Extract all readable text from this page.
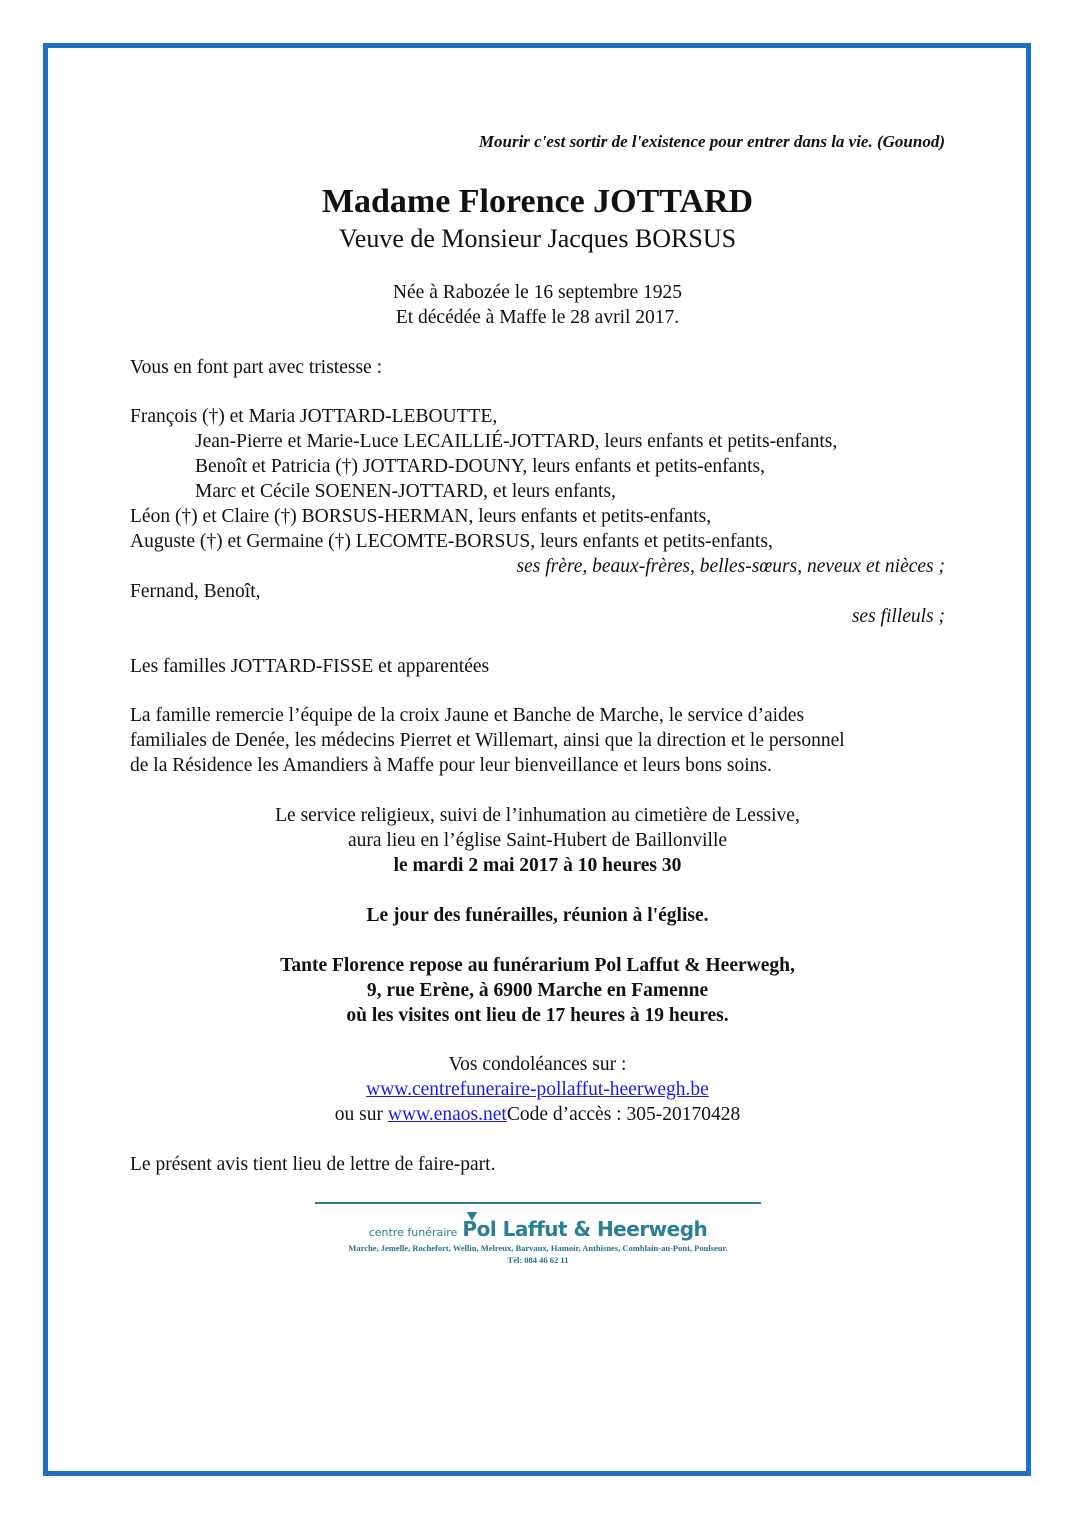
Mourir c'est sortir de l'existence pour entrer dans la vie. (Gounod)
Madame Florence JOTTARD
Veuve de Monsieur Jacques BORSUS
Née à Rabozée le 16 septembre 1925
Et décédée à Maffe le 28 avril 2017.
Vous en font part avec tristesse :
François (†) et Maria JOTTARD-LEBOUTTE,
Jean-Pierre et Marie-Luce LECAILLIÉ-JOTTARD, leurs enfants et petits-enfants,
Benoît et Patricia (†) JOTTARD-DOUNY, leurs enfants et petits-enfants,
Marc et Cécile SOENEN-JOTTARD, et leurs enfants,
Léon (†) et Claire (†) BORSUS-HERMAN, leurs enfants et petits-enfants,
Auguste (†) et Germaine (†) LECOMTE-BORSUS, leurs enfants et petits-enfants,
ses frère, beaux-frères, belles-sœurs, neveux et nièces ;
Fernand, Benoît,
ses filleuls ;
Les familles JOTTARD-FISSE et apparentées
La famille remercie l’équipe de la croix Jaune et Banche de Marche, le service d’aides
familiales de Denée, les médecins Pierret et Willemart, ainsi que la direction et le personnel
de la Résidence les Amandiers à Maffe pour leur bienveillance et leurs bons soins.
Le service religieux, suivi de l’inhumation au cimetière de Lessive,
aura lieu en l’église Saint-Hubert de Baillonville
le mardi 2 mai 2017 à 10 heures 30
Le jour des funérailles, réunion à l'église.
Tante Florence repose au funérarium Pol Laffut & Heerwegh,
9, rue Erène, à 6900 Marche en Famenne
où les visites ont lieu de 17 heures à 19 heures.
Vos condoléances sur :
www.centrefuneraire-pollaffut-heerwegh.be
ou sur www.enaos.netCode d’accès : 305-20170428
Le présent avis tient lieu de lettre de faire-part.
centre funéraire Pol Laffut & Heerwegh
Marche, Jemelle, Rochefort, Wellin, Melreux, Barvaux, Hamoir, Anthisnes, Comblain-au-Pont, Poulseur.
Tél: 084 46 62 11
